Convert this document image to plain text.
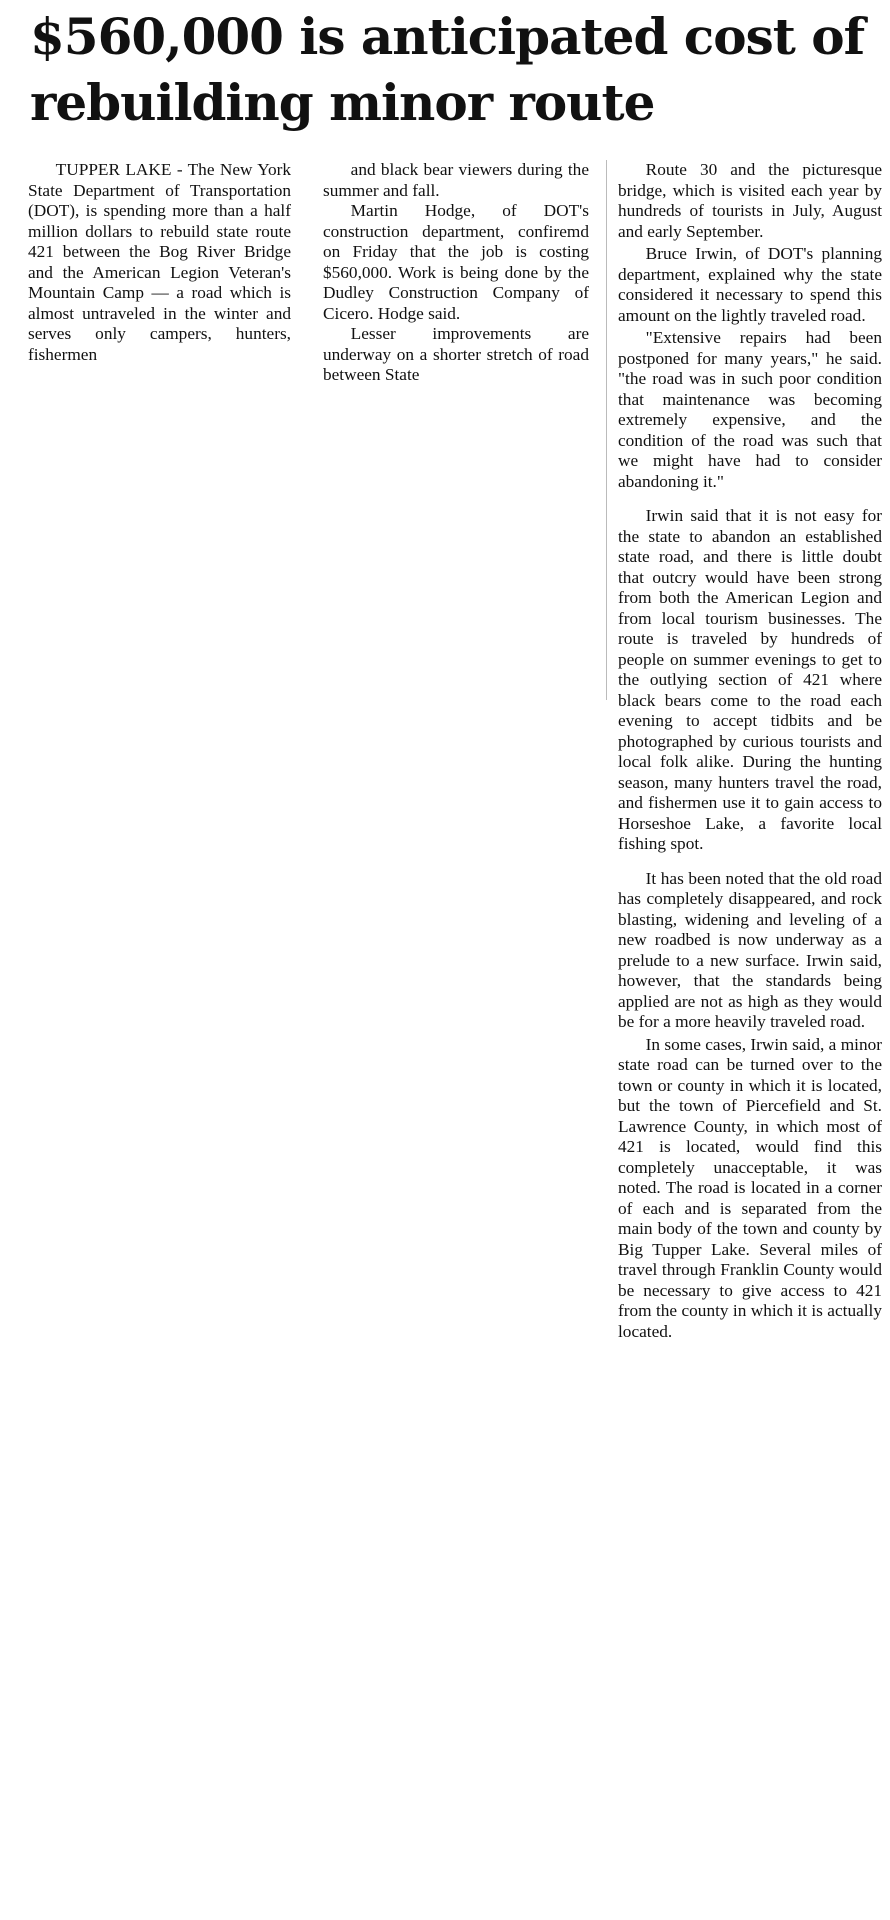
$560,000 is anticipated cost of rebuilding minor route

TUPPER LAKE - The New York State Department of Transportation (DOT), is spending more than a half million dollars to rebuild state route 421 between the Bog River Bridge and the American Legion Veteran's Mountain Camp — a road which is almost untraveled in the winter and serves only campers, hunters, fishermen

and black bear viewers during the summer and fall.

Martin Hodge, of DOT's construction department, confiremd on Friday that the job is costing $560,000. Work is being done by the Dudley Construction Company of Cicero. Hodge said.

Lesser improvements are underway on a shorter stretch of road between State

Route 30 and the picturesque bridge, which is visited each year by hundreds of tourists in July, August and early September.

Bruce Irwin, of DOT's planning department, explained why the state considered it necessary to spend this amount on the lightly traveled road.

"Extensive repairs had been postponed for many years," he said. "the road was in such poor condition that maintenance was becoming extremely expensive, and the condition of the road was such that we might have had to consider abandoning it."

Irwin said that it is not easy for the state to abandon an established state road, and there is little doubt that outcry would have been strong from both the American Legion and from local tourism businesses. The route is traveled by hundreds of people on summer evenings to get to the outlying section of 421 where black bears come to the road each evening to accept tidbits and be photographed by curious tourists and local folk alike. During the hunting season, many hunters travel the road, and fishermen use it to gain access to Horseshoe Lake, a favorite local fishing spot.

It has been noted that the old road has completely disappeared, and rock blasting, widening and leveling of a new roadbed is now underway as a prelude to a new surface. Irwin said, however, that the standards being applied are not as high as they would be for a more heavily traveled road.

In some cases, Irwin said, a minor state road can be turned over to the town or county in which it is located, but the town of Piercefield and St. Lawrence County, in which most of 421 is located, would find this completely unacceptable, it was noted. The road is located in a corner of each and is separated from the main body of the town and county by Big Tupper Lake. Several miles of travel through Franklin County would be necessary to give access to 421 from the county in which it is actually located.
